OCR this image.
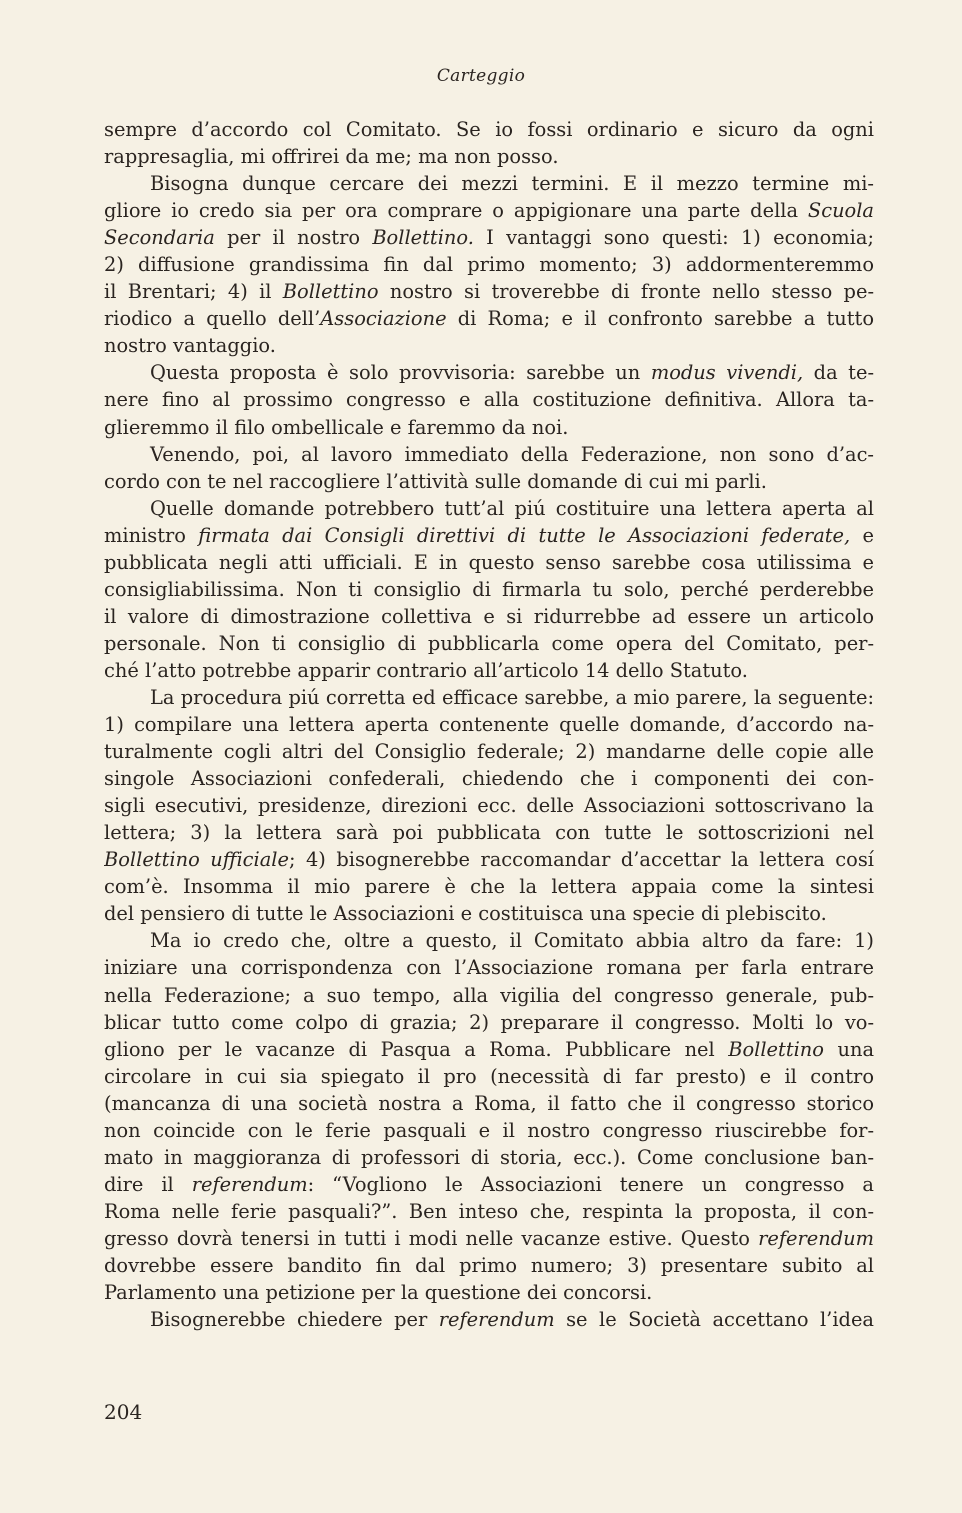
Carteggio
sempre d’accordo col Comitato. Se io fossi ordinario e sicuro da ogni
rappresaglia, mi offrirei da me; ma non posso.
Bisogna dunque cercare dei mezzi termini. E il mezzo termine mi-
gliore io credo sia per ora comprare o appigionare una parte della Scuola
Secondaria per il nostro Bollettino. I vantaggi sono questi: 1) economia;
2) diffusione grandissima fin dal primo momento; 3) addormenteremmo
il Brentari; 4) il Bollettino nostro si troverebbe di fronte nello stesso pe-
riodico a quello dell’Associazione di Roma; e il confronto sarebbe a tutto
nostro vantaggio.
Questa proposta è solo provvisoria: sarebbe un modus vivendi, da te-
nere fino al prossimo congresso e alla costituzione definitiva. Allora ta-
glieremmo il filo ombellicale e faremmo da noi.
Venendo, poi, al lavoro immediato della Federazione, non sono d’ac-
cordo con te nel raccogliere l’attività sulle domande di cui mi parli.
Quelle domande potrebbero tutt’al piú costituire una lettera aperta al
ministro firmata dai Consigli direttivi di tutte le Associazioni federate, e
pubblicata negli atti ufficiali. E in questo senso sarebbe cosa utilissima e
consigliabilissima. Non ti consiglio di firmarla tu solo, perché perderebbe
il valore di dimostrazione collettiva e si ridurrebbe ad essere un articolo
personale. Non ti consiglio di pubblicarla come opera del Comitato, per-
ché l’atto potrebbe apparir contrario all’articolo 14 dello Statuto.
La procedura piú corretta ed efficace sarebbe, a mio parere, la seguente:
1) compilare una lettera aperta contenente quelle domande, d’accordo na-
turalmente cogli altri del Consiglio federale; 2) mandarne delle copie alle
singole Associazioni confederali, chiedendo che i componenti dei con-
sigli esecutivi, presidenze, direzioni ecc. delle Associazioni sottoscrivano la
lettera; 3) la lettera sarà poi pubblicata con tutte le sottoscrizioni nel
Bollettino ufficiale; 4) bisognerebbe raccomandar d’accettar la lettera cosí
com’è. Insomma il mio parere è che la lettera appaia come la sintesi
del pensiero di tutte le Associazioni e costituisca una specie di plebiscito.
Ma io credo che, oltre a questo, il Comitato abbia altro da fare: 1)
iniziare una corrispondenza con l’Associazione romana per farla entrare
nella Federazione; a suo tempo, alla vigilia del congresso generale, pub-
blicar tutto come colpo di grazia; 2) preparare il congresso. Molti lo vo-
gliono per le vacanze di Pasqua a Roma. Pubblicare nel Bollettino una
circolare in cui sia spiegato il pro (necessità di far presto) e il contro
(mancanza di una società nostra a Roma, il fatto che il congresso storico
non coincide con le ferie pasquali e il nostro congresso riuscirebbe for-
mato in maggioranza di professori di storia, ecc.). Come conclusione ban-
dire il referendum: “Vogliono le Associazioni tenere un congresso a
Roma nelle ferie pasquali?”. Ben inteso che, respinta la proposta, il con-
gresso dovrà tenersi in tutti i modi nelle vacanze estive. Questo referendum
dovrebbe essere bandito fin dal primo numero; 3) presentare subito al
Parlamento una petizione per la questione dei concorsi.
Bisognerebbe chiedere per referendum se le Società accettano l’idea
204
